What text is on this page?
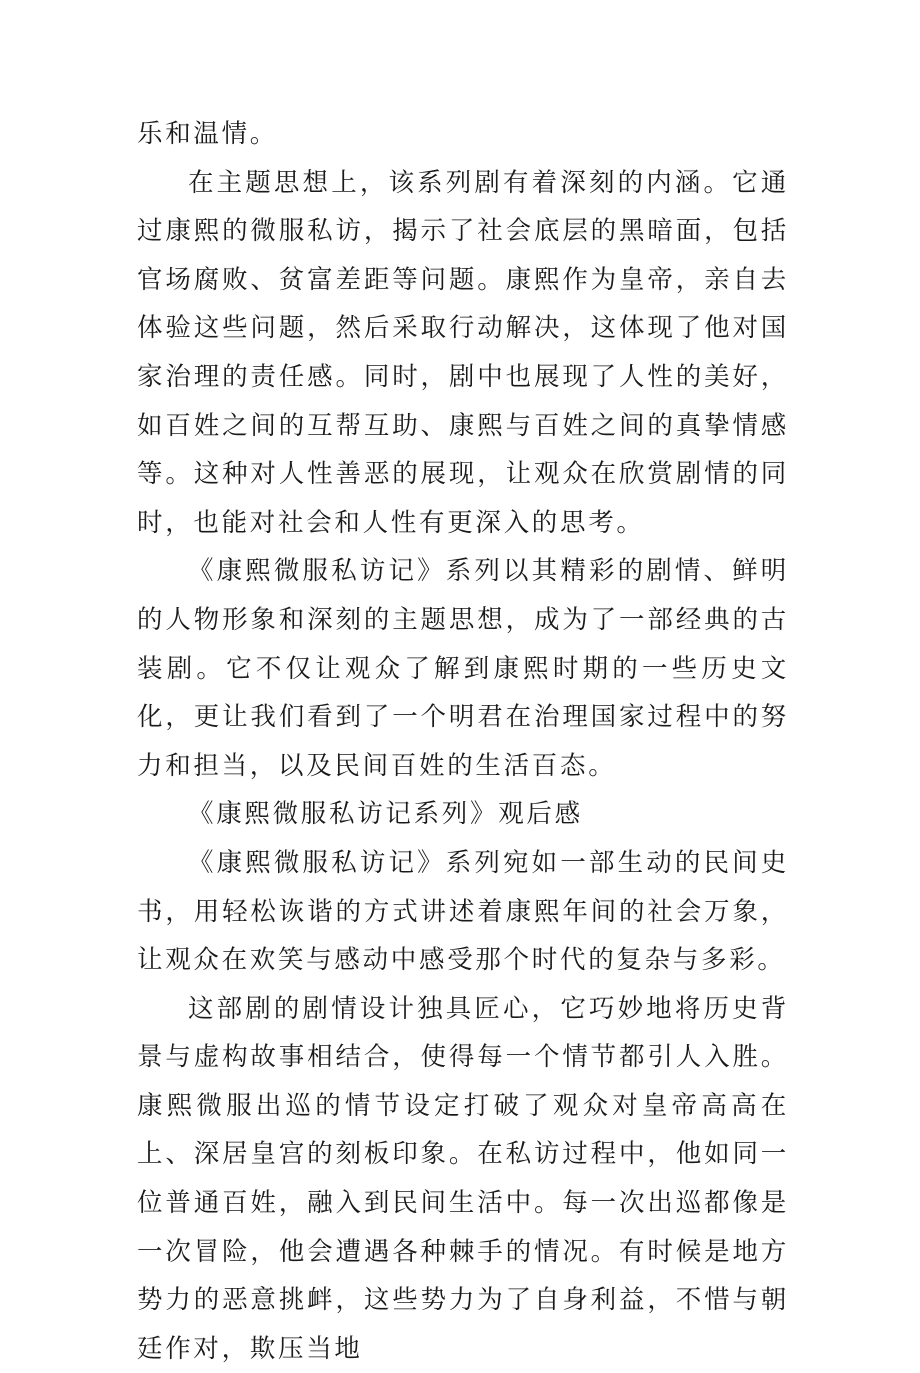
乐和温情。

在主题思想上，该系列剧有着深刻的内涵。它通过康熙的微服私访，揭示了社会底层的黑暗面，包括官场腐败、贫富差距等问题。康熙作为皇帝，亲自去体验这些问题，然后采取行动解决，这体现了他对国家治理的责任感。同时，剧中也展现了人性的美好，如百姓之间的互帮互助、康熙与百姓之间的真挚情感等。这种对人性善恶的展现，让观众在欣赏剧情的同时，也能对社会和人性有更深入的思考。

《康熙微服私访记》系列以其精彩的剧情、鲜明的人物形象和深刻的主题思想，成为了一部经典的古装剧。它不仅让观众了解到康熙时期的一些历史文化，更让我们看到了一个明君在治理国家过程中的努力和担当，以及民间百姓的生活百态。

《康熙微服私访记系列》观后感

《康熙微服私访记》系列宛如一部生动的民间史书，用轻松诙谐的方式讲述着康熙年间的社会万象，让观众在欢笑与感动中感受那个时代的复杂与多彩。

这部剧的剧情设计独具匠心，它巧妙地将历史背景与虚构故事相结合，使得每一个情节都引人入胜。康熙微服出巡的情节设定打破了观众对皇帝高高在上、深居皇宫的刻板印象。在私访过程中，他如同一位普通百姓，融入到民间生活中。每一次出巡都像是一次冒险，他会遭遇各种棘手的情况。有时候是地方势力的恶意挑衅，这些势力为了自身利益，不惜与朝廷作对，欺压当地
